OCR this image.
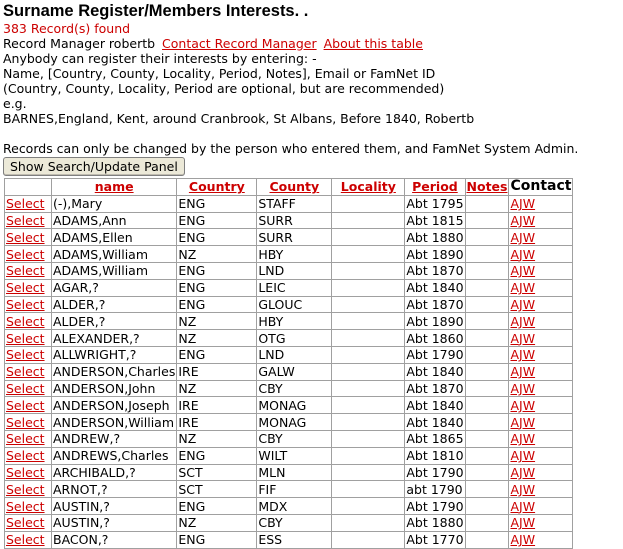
Surname Register/Members Interests. .
383 Record(s) found
Record Manager robertb Contact Record Manager About this table
Anybody can register their interests by entering: -
Name, [Country, County, Locality, Period, Notes], Email or FamNet ID
(Country, County, Locality, Period are optional, but are recommended)
e.g.
BARNES,England, Kent, around Cranbrook, St Albans, Before 1840, Robertb
Records can only be changed by the person who entered them, and FamNet System Admin.
Show Search/Update Panel
	name	Country	County	Locality	Period	Notes	Contact
Select	(-),Mary	ENG	STAFF		Abt 1795		AJW
Select	ADAMS,Ann	ENG	SURR		Abt 1815		AJW
Select	ADAMS,Ellen	ENG	SURR		Abt 1880		AJW
Select	ADAMS,William	NZ	HBY		Abt 1890		AJW
Select	ADAMS,William	ENG	LND		Abt 1870		AJW
Select	AGAR,?	ENG	LEIC		Abt 1840		AJW
Select	ALDER,?	ENG	GLOUC		Abt 1870		AJW
Select	ALDER,?	NZ	HBY		Abt 1890		AJW
Select	ALEXANDER,?	NZ	OTG		Abt 1860		AJW
Select	ALLWRIGHT,?	ENG	LND		Abt 1790		AJW
Select	ANDERSON,Charles	IRE	GALW		Abt 1840		AJW
Select	ANDERSON,John	NZ	CBY		Abt 1870		AJW
Select	ANDERSON,Joseph	IRE	MONAG		Abt 1840		AJW
Select	ANDERSON,William	IRE	MONAG		Abt 1840		AJW
Select	ANDREW,?	NZ	CBY		Abt 1865		AJW
Select	ANDREWS,Charles	ENG	WILT		Abt 1810		AJW
Select	ARCHIBALD,?	SCT	MLN		Abt 1790		AJW
Select	ARNOT,?	SCT	FIF		abt 1790		AJW
Select	AUSTIN,?	ENG	MDX		Abt 1790		AJW
Select	AUSTIN,?	NZ	CBY		Abt 1880		AJW
Select	BACON,?	ENG	ESS		Abt 1770		AJW
